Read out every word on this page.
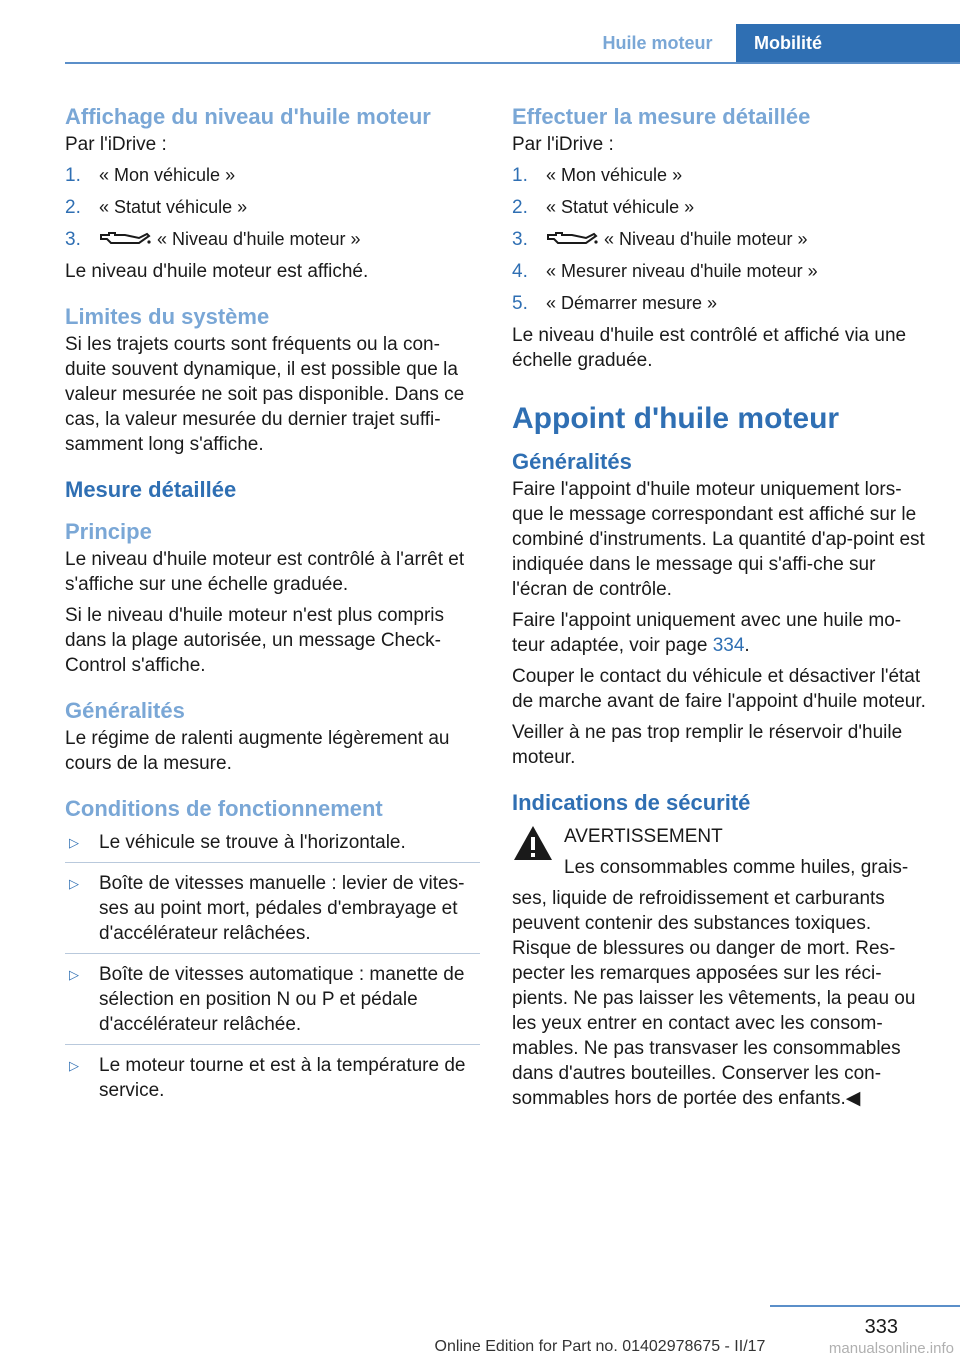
Huile moteur	Mobilité
Affichage du niveau d'huile moteur

Par l'iDrive :

1. « Mon véhicule »
2. « Statut véhicule »
3.	« Niveau d'huile moteur »

Le niveau d'huile moteur est affiché.

Limites du système

Si les trajets courts sont fréquents ou la con-duite souvent dynamique, il est possible que la valeur mesurée ne soit pas disponible. Dans ce cas, la valeur mesurée du dernier trajet suffi-samment long s'affiche.

Mesure détaillée
Principe

Le niveau d'huile moteur est contrôlé à l'arrêt et s'affiche sur une échelle graduée.

Si le niveau d'huile moteur n'est plus compris dans la plage autorisée, un message Check-Control s'affiche.

Généralités

Le régime de ralenti augmente légèrement au cours de la mesure.

Conditions de fonctionnement
▷ Le véhicule se trouve à l'horizontale.
▷ Boîte de vitesses manuelle : levier de vites-ses au point mort, pédales d'embrayage et d'accélérateur relâchées.
▷ Boîte de vitesses automatique : manette de sélection en position N ou P et pédale d'accélérateur relâchée.
▷ Le moteur tourne et est à la température de service.
Effectuer la mesure détaillée

Par l'iDrive :

1. « Mon véhicule »
2. « Statut véhicule »
3.	« Niveau d'huile moteur »
4. « Mesurer niveau d'huile moteur »
5. « Démarrer mesure »

Le niveau d'huile est contrôlé et affiché via une échelle graduée.

Appoint d'huile moteur
Généralités

Faire l'appoint d'huile moteur uniquement lors-que le message correspondant est affiché sur le combiné d'instruments. La quantité d'ap-point est indiquée dans le message qui s'affi-che sur l'écran de contrôle.

Faire l'appoint uniquement avec une huile mo-teur adaptée, voir page 334.

Couper le contact du véhicule et désactiver l'état de marche avant de faire l'appoint d'huile moteur.

Veiller à ne pas trop remplir le réservoir d'huile moteur.

Indications de sécurité

AVERTISSEMENT

Les consommables comme huiles, grais-

ses, liquide de refroidissement et carburants peuvent contenir des substances toxiques. Risque de blessures ou danger de mort. Res-pecter les remarques apposées sur les réci-pients. Ne pas laisser les vêtements, la peau ou les yeux entrer en contact avec les consom-mables. Ne pas transvaser les consommables dans d'autres bouteilles. Conserver les con-sommables hors de portée des enfants.◀

333
Online Edition for Part no. 01402978675 - II/17	manualsonline.info
